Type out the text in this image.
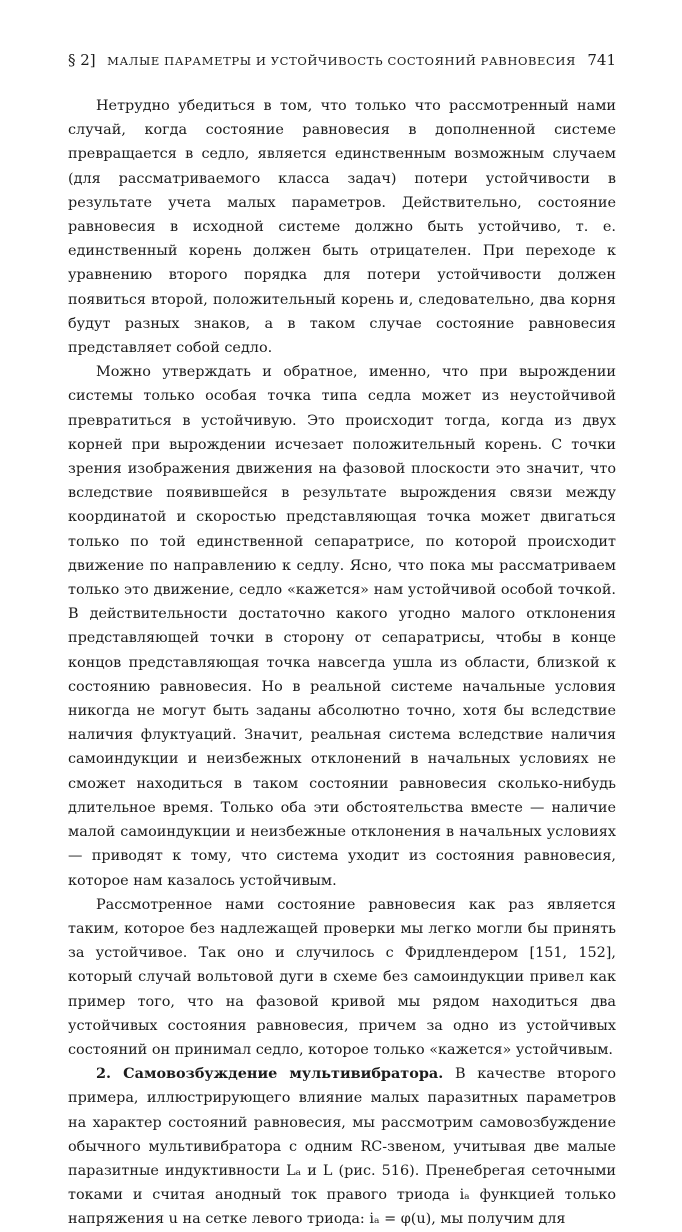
§ 2] МАЛЫЕ ПАРАМЕТРЫ И УСТОЙЧИВОСТЬ СОСТОЯНИЙ РАВНОВЕСИЯ 741

Нетрудно убедиться в том, что только что рассмотренный нами случай, когда состояние равновесия в дополненной системе превращается в седло, является единственным возможным случаем (для рассматриваемого класса задач) потери устойчивости в результате учета малых параметров. Действительно, состояние равновесия в исходной системе должно быть устойчиво, т. е. единственный корень должен быть отрицателен. При переходе к уравнению второго порядка для потери устойчивости должен появиться второй, положительный корень и, следовательно, два корня будут разных знаков, а в таком случае состояние равновесия представляет собой седло.

Можно утверждать и обратное, именно, что при вырождении системы только особая точка типа седла может из неустойчивой превратиться в устойчивую. Это происходит тогда, когда из двух корней при вырождении исчезает положительный корень. С точки зрения изображения движения на фазовой плоскости это значит, что вследствие появившейся в результате вырождения связи между координатой и скоростью представляющая точка может двигаться только по той единственной сепаратрисе, по которой происходит движение по направлению к седлу. Ясно, что пока мы рассматриваем только это движение, седло «кажется» нам устойчивой особой точкой. В действительности достаточно какого угодно малого отклонения представляющей точки в сторону от сепаратрисы, чтобы в конце концов представляющая точка навсегда ушла из области, близкой к состоянию равновесия. Но в реальной системе начальные условия никогда не могут быть заданы абсолютно точно, хотя бы вследствие наличия флуктуаций. Значит, реальная система вследствие наличия самоиндукции и неизбежных отклонений в начальных условиях не сможет находиться в таком состоянии равновесия сколько-нибудь длительное время. Только оба эти обстоятельства вместе — наличие малой самоиндукции и неизбежные отклонения в начальных условиях — приводят к тому, что система уходит из состояния равновесия, которое нам казалось устойчивым.

Рассмотренное нами состояние равновесия как раз является таким, которое без надлежащей проверки мы легко могли бы принять за устойчивое. Так оно и случилось с Фридлендером [151, 152], который случай вольтовой дуги в схеме без самоиндукции привел как пример того, что на фазовой кривой мы рядом находиться два устойчивых состояния равновесия, причем за одно из устойчивых состояний он принимал седло, которое только «кажется» устойчивым.

2. Самовозбуждение мультивибратора. В качестве второго примера, иллюстрирующего влияние малых паразитных параметров на характер состояний равновесия, мы рассмотрим самовозбуждение обычного мультивибратора с одним RC-звеном, учитывая две малые паразитные индуктивности Lₐ и L (рис. 516). Пренебрегая сеточными токами и считая анодный ток правого триода iₐ функцией только напряжения u на сетке левого триода: iₐ = φ(u), мы получим для
